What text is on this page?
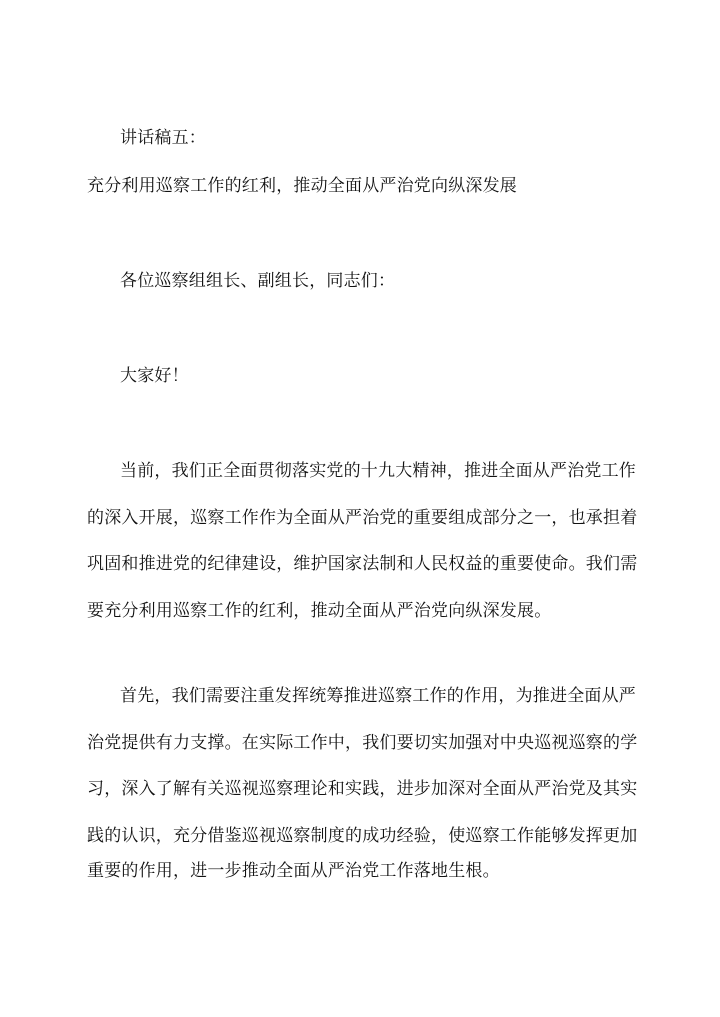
讲话稿五：
充分利用巡察工作的红利，推动全面从严治党向纵深发展
各位巡察组组长、副组长，同志们：
大家好！
当前，我们正全面贯彻落实党的十九大精神，推进全面从严治党工作
的深入开展，巡察工作作为全面从严治党的重要组成部分之一，也承担着
巩固和推进党的纪律建设，维护国家法制和人民权益的重要使命。我们需
要充分利用巡察工作的红利，推动全面从严治党向纵深发展。
首先，我们需要注重发挥统筹推进巡察工作的作用，为推进全面从严
治党提供有力支撑。在实际工作中，我们要切实加强对中央巡视巡察的学
习，深入了解有关巡视巡察理论和实践，进步加深对全面从严治党及其实
践的认识，充分借鉴巡视巡察制度的成功经验，使巡察工作能够发挥更加
重要的作用，进一步推动全面从严治党工作落地生根。
